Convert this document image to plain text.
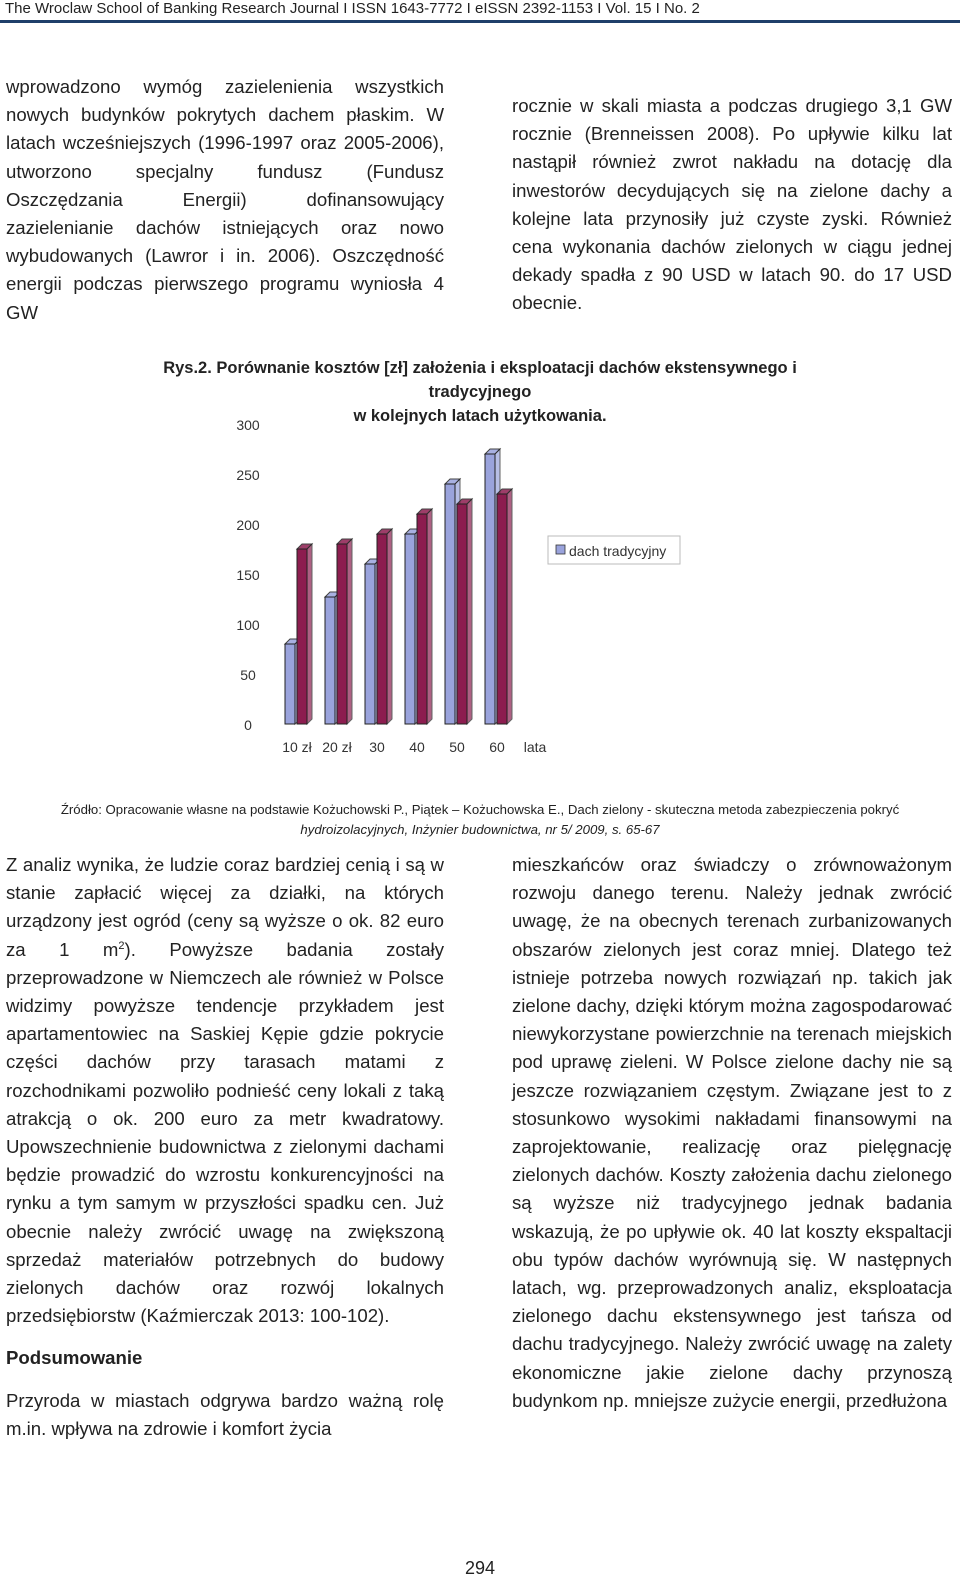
The Wroclaw School of Banking Research Journal I ISSN 1643-7772 I eISSN 2392-1153 I Vol. 15 I No. 2

wprowadzono wymóg zazielenienia wszystkich nowych budynków pokrytych dachem płaskim. W latach wcześniejszych (1996-1997 oraz 2005-2006), utworzono specjalny fundusz (Fundusz Oszczędzania Energii) dofinansowujący zazielenianie dachów istniejących oraz nowo wybudowanych (Lawror i in. 2006). Oszczędność energii podczas pierwszego programu wyniosła 4 GW

rocznie w skali miasta a podczas drugiego 3,1 GW rocznie (Brenneissen 2008). Po upływie kilku lat nastąpił również zwrot nakładu na dotację dla inwestorów decydujących się na zielone dachy a kolejne lata przynosiły już czyste zyski. Również cena wykonania dachów zielonych w ciągu jednej dekady spadła z 90 USD w latach 90. do 17 USD obecnie.

Rys.2. Porównanie kosztów [zł] założenia i eksploatacji dachów ekstensywnego i tradycyjnego
w kolejnych latach użytkowania.
0
50
100
150
200
250
300
10 zł 20 zł 30 40 50 60 lata
dach tradycyjny
Źródło: Opracowanie własne na podstawie Kożuchowski P., Piątek – Kożuchowska E., Dach zielony - skuteczna metoda zabezpieczenia pokryć
hydroizolacyjnych, Inżynier budownictwa, nr 5/ 2009, s. 65-67

Z analiz wynika, że ludzie coraz bardziej cenią i są w stanie zapłacić więcej za działki, na których urządzony jest ogród (ceny są wyższe o ok. 82 euro za 1 $m^2$). Powyższe badania zostały przeprowadzone w Niemczech ale również w Polsce widzimy powyższe tendencje przykładem jest apartamentowiec na Saskiej Kępie gdzie pokrycie części dachów przy tarasach matami z rozchodnikami pozwoliło podnieść ceny lokali z taką atrakcją o ok. 200 euro za metr kwadratowy. Upowszechnienie budownictwa z zielonymi dachami będzie prowadzić do wzrostu konkurencyjności na rynku a tym samym w przyszłości spadku cen. Już obecnie należy zwrócić uwagę na zwiększoną sprzedaż materiałów potrzebnych do budowy zielonych dachów oraz rozwój lokalnych przedsiębiorstw (Kaźmierczak 2013: 100-102).

Podsumowanie

Przyroda w miastach odgrywa bardzo ważną rolę m.in. wpływa na zdrowie i komfort życia

mieszkańców oraz świadczy o zrównoważonym rozwoju danego terenu. Należy jednak zwrócić uwagę, że na obecnych terenach zurbanizowanych obszarów zielonych jest coraz mniej. Dlatego też istnieje potrzeba nowych rozwiązań np. takich jak zielone dachy, dzięki którym można zagospodarować niewykorzystane powierzchnie na terenach miejskich pod uprawę zieleni. W Polsce zielone dachy nie są jeszcze rozwiązaniem częstym. Związane jest to z stosunkowo wysokimi nakładami finansowymi na zaprojektowanie, realizację oraz pielęgnację zielonych dachów. Koszty założenia dachu zielonego są wyższe niż tradycyjnego jednak badania wskazują, że po upływie ok. 40 lat koszty ekspaltacji obu typów dachów wyrównują się. W następnych latach, wg. przeprowadzonych analiz, eksploatacja zielonego dachu ekstensywnego jest tańsza od dachu tradycyjnego. Należy zwrócić uwagę na zalety ekonomiczne jakie zielone dachy przynoszą budynkom np. mniejsze zużycie energii, przedłużona

294
